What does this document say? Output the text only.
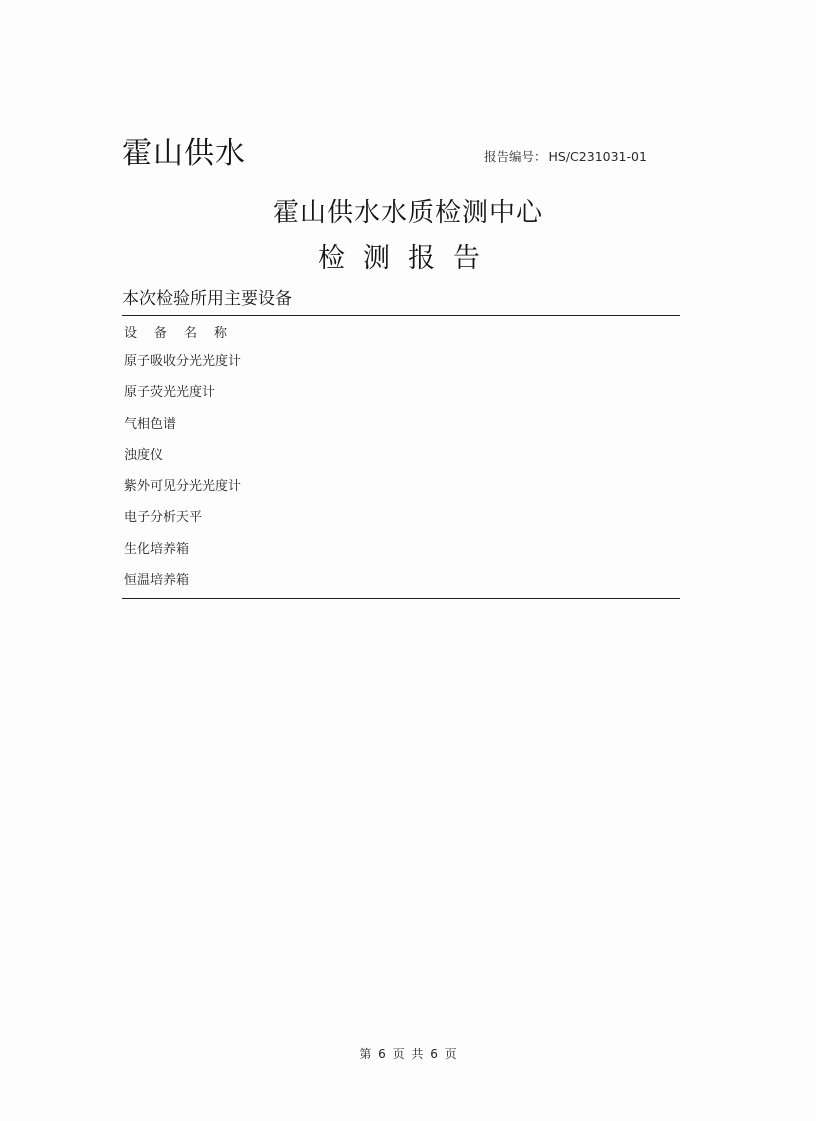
霍山供水	报告编号： HS/C231031-01
霍山供水水质检测中心
检测报告
本次检验所用主要设备
设备名称
原子吸收分光光度计
原子荧光光度计
气相色谱
浊度仪
紫外可见分光光度计
电子分析天平
生化培养箱
恒温培养箱
第 6 页 共 6 页
